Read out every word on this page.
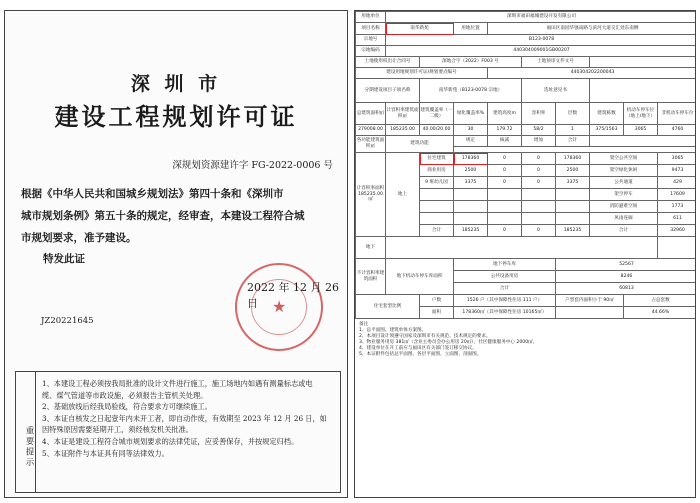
深 圳 市
建设工程规划许可证
深规划资源建许字 FG-2022-0006 号
根据《中华人民共和国城乡规划法》第四十条和《深圳市
城市规划条例》第五十条的规定，经审查，本建设工程符合城
市规划要求，准予建设。
特发此证
★
2022 年 12 月 26 日
JZ20221645
重要提示
1、本建设工程必须按我局批准的设计文件进行施工，施工场地内如遇有测量标志或电
缆、煤气管道等市政设施，必须报告主管机关处理。
2、基础放线后经我局验线，符合要求方可继续施工。
3、本证自核发之日起壹年内未开工者，即自动作废，有效期至 2023 年 12 月 26 日，如
因特殊原因需要延期开工，须经核发机关批准。
4、本证是建设工程符合城市规划要求的法律凭证，应妥善保存，并按规定归档。
5、本证附件与本证具有同等法律效力。
用地单位	深圳市福田福城建设开发有限公司								
项目名称	南华新苑		用地位置	福田区南园华强南路与滨河大道交汇处东南侧					
宗地号	B123-0078								
宗地编码	440304009001GB00207								
土地使用权出让合同号		深地合字（2022）F003 号			土地预审文件文号				
建设用地规划许可证/规划要点编号				440304202200043					
分期建设项目子项名称		南华新苑（B123-0078 宗地）			选址意见书				
总建筑面积㎡	计容积率建筑面积㎡	建筑覆盖率（一二级）	绿化覆盖率%	建筑高度m	容积率	层数	建筑栋数	机动车停车位（地上/地下）	非机动车停车位
279008.00	185235.00	40.00/20.00	30	179.72	58/2	1	375/1563	3065	4760
各功能建筑面积㎡	建筑功能		规定	核减	增加	合计			

计容积率面积 185235.00㎡	地上	住宅建筑	178360	0	0	178360	架空公共空间		3065
		商业用房	2500	0	0	2500	架空绿化休闲		9473
		9 班幼儿园	3375	0	0	3375	公共通道		429
							架空停车		17609
							消防避难空间		1773
							风雨连廊		611
		合计	185235	0	0	185235	合计		32960
地下									
不计容积率建筑面积	地下机动车停车库面积		地下停车库			52567			
			公共设备用房			8246			
			合计			60813			
住宅套型比例		户数	1526 户（其中保障性住房 111 户）			户型套内面积小于 90㎡		占总套数	
		面积	178360㎡（其中保障性住房 10165㎡）					44.66%	
备注
1、总平面图、建筑单体方案图。
2、本项目设计须遵守国家及深圳市有关规范、技术规定的要求。
3、物业服务用房 381㎡（含业主委员会办公用房 20㎡），社区健康服务中心 2000㎡。
4、建设单位在开工前应与福田区有关部门签订移交协议。
5、本证附件包括总平面图、各层平面图、立面图、剖面图。
